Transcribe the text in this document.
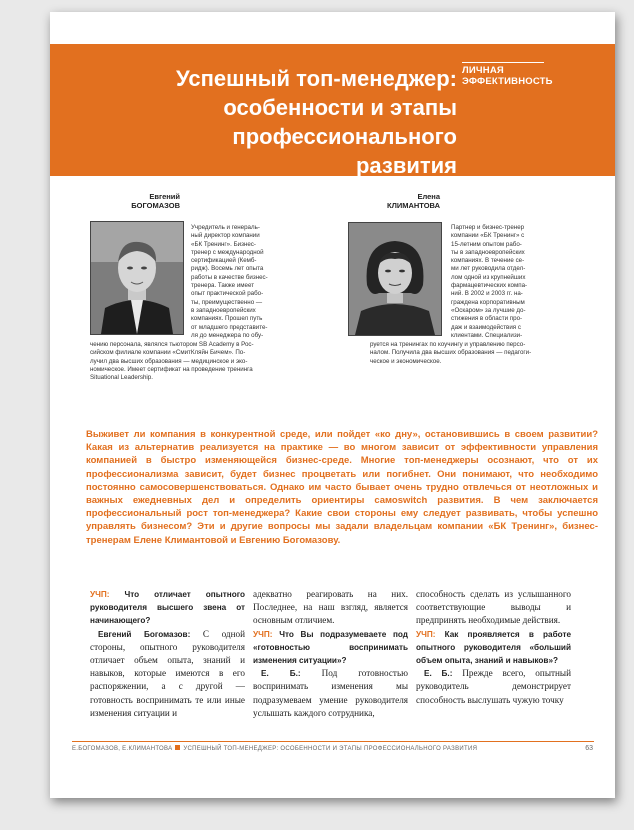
Успешный топ-менеджер:
особенности и этапы
профессионального развития
ЛИЧНАЯ
ЭФФЕКТИВНОСТЬ
Евгений
БОГОМАЗОВ

Учредитель и генераль-

ный директор компании

«БК Тренинг». Бизнес-

тренер с международной

сертификацией (Кемб-

ридж). Восемь лет опыта

работы в качестве бизнес-

тренера. Также имеет

опыт практической рабо-

ты, преимущественно —

в западноевропейских

компаниях. Прошел путь

от младшего представите-

ля до менеджера по обу-

чению персонала, являлся тьютором SB Academy в Рос-

сийском филиале компании «СмитКляйн Бичем». По-

лучил два высших образования — медицинское и эко-

номическое. Имеет сертификат на проведение тренинга

Situational Leadership.

Елена
КЛИМАНТОВА

Партнер и бизнес-тренер

компании «БК Тренинг» с

15-летним опытом рабо-

ты в западноевропейских

компаниях. В течение се-

ми лет руководила отдел-

лом одной из крупнейших

фармацевтических компа-

ний. В 2002 и 2003 гг. на-

граждена корпоративным

«Оскаром» за лучшие до-

стижения в области про-

даж и взаимодействия с

клиентами. Специализи-

руется на тренингах по коучингу и управлению персо-

налом. Получила два высших образования — педагоги-

ческое и экономическое.

Выживет ли компания в конкурентной среде, или пойдет «ко дну», остановившись в своем развитии? Какая из альтернатив реализуется на практике — во многом зависит от эффективности управления компанией в быстро изменяющейся бизнес-среде. Многие топ-менеджеры осознают, что от их профессионализма зависит, будет бизнес процветать или погибнет. Они понимают, что необходимо постоянно самосовершенствоваться. Однако им часто бывает очень трудно отвлечься от неотложных и важных ежедневных дел и определить ориентиры самоswitch развития. В чем заключается профессиональный рост топ-менеджера? Какие свои стороны ему следует развивать, чтобы успешно управлять бизнесом? Эти и другие вопросы мы задали владельцам компании «БК Тренинг», бизнес-тренерам Елене Климантовой и Евгению Богомазову.

УЧП: Что отличает опытного руководителя высшего звена от начинающего?

Евгений Богомазов: С одной стороны, опытного руководителя отличает объем опыта, знаний и навыков, которые имеются в его распоряжении, а с другой — готовность воспринимать те или иные изменения ситуации и

адекватно реагировать на них. Последнее, на наш взгляд, является основным отличием.

УЧП: Что Вы подразумеваете под «готовностью воспринимать изменения ситуации»?

Е. Б.: Под готовностью воспринимать изменения мы подразумеваем умение руководителя услышать каждого сотрудника,

способность сделать из услышанного соответствующие выводы и предпринять необходимые действия.

УЧП: Как проявляется в работе опытного руководителя «больший объем опыта, знаний и навыков»?

Е. Б.: Прежде всего, опытный руководитель демонстрирует способность выслушать чужую точку

Е.БОГОМАЗОВ, Е.КЛИМАНТОВА УСПЕШНЫЙ ТОП-МЕНЕДЖЕР: ОСОБЕННОСТИ И ЭТАПЫ ПРОФЕССИОНАЛЬНОГО РАЗВИТИЯ	63
